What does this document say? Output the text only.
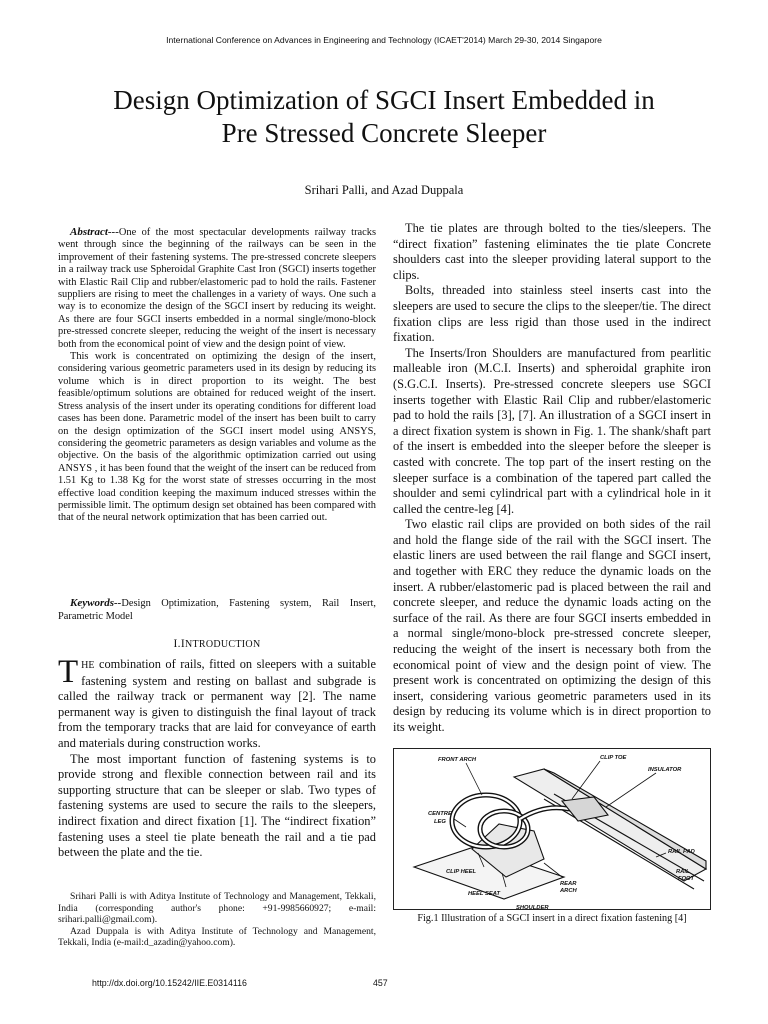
International Conference on Advances in Engineering and Technology (ICAET'2014) March 29-30, 2014 Singapore
Design Optimization of SGCI Insert Embedded in
Pre Stressed Concrete Sleeper
Srihari Palli, and Azad Duppala

Abstract---One of the most spectacular developments railway tracks went through since the beginning of the railways can be seen in the improvement of their fastening systems. The pre-stressed concrete sleepers in a railway track use Spheroidal Graphite Cast Iron (SGCI) inserts together with Elastic Rail Clip and rubber/elastomeric pad to hold the rails. Fastener suppliers are rising to meet the challenges in a variety of ways. One such a way is to economize the design of the SGCI insert by reducing its weight. As there are four SGCI inserts embedded in a normal single/mono-block pre-stressed concrete sleeper, reducing the weight of the insert is necessary both from the economical point of view and the design point of view.

This work is concentrated on optimizing the design of the insert, considering various geometric parameters used in its design by reducing its volume which is in direct proportion to its weight. The best feasible/optimum solutions are obtained for reduced weight of the insert. Stress analysis of the insert under its operating conditions for different load cases has been done. Parametric model of the insert has been built to carry on the design optimization of the SGCI insert model using ANSYS, considering the geometric parameters as design variables and volume as the objective. On the basis of the algorithmic optimization carried out using ANSYS , it has been found that the weight of the insert can be reduced from 1.51 Kg to 1.38 Kg for the worst state of stresses occurring in the most effective load condition keeping the maximum induced stresses within the permissible limit. The optimum design set obtained has been compared with that of the neural network optimization that has been carried out.

Keywords--Design Optimization, Fastening system, Rail Insert, Parametric Model
I.INTRODUCTION

THE combination of rails, fitted on sleepers with a suitable fastening system and resting on ballast and subgrade is called the railway track or permanent way [2]. The name permanent way is given to distinguish the final layout of track from the temporary tracks that are laid for conveyance of earth and materials during construction works.

The most important function of fastening systems is to provide strong and flexible connection between rail and its supporting structure that can be sleeper or slab. Two types of fastening systems are used to secure the rails to the sleepers, indirect fixation and direct fixation [1]. The “indirect fixation” fastening uses a steel tie plate beneath the rail and a tie pad between the plate and the tie.

Srihari Palli is with Aditya Institute of Technology and Management, Tekkali, India (corresponding author's phone: +91-9985660927; e-mail: srihari.palli@gmail.com).

Azad Duppala is with Aditya Institute of Technology and Management, Tekkali, India (e-mail:d_azadin@yahoo.com).

The tie plates are through bolted to the ties/sleepers. The “direct fixation” fastening eliminates the tie plate Concrete shoulders cast into the sleeper providing lateral support to the clips.

Bolts, threaded into stainless steel inserts cast into the sleepers are used to secure the clips to the sleeper/tie. The direct fixation clips are less rigid than those used in the indirect fixation.

The Inserts/Iron Shoulders are manufactured from pearlitic malleable iron (M.C.I. Inserts) and spheroidal graphite iron (S.G.C.I. Inserts). Pre-stressed concrete sleepers use SGCI inserts together with Elastic Rail Clip and rubber/elastomeric pad to hold the rails [3], [7]. An illustration of a SGCI insert in a direct fixation system is shown in Fig. 1. The shank/shaft part of the insert is embedded into the sleeper before the sleeper is casted with concrete. The top part of the insert resting on the sleeper surface is a combination of the tapered part called the shoulder and semi cylindrical part with a cylindrical hole in it called the centre-leg [4].

Two elastic rail clips are provided on both sides of the rail and hold the flange side of the rail with the SGCI insert. The elastic liners are used between the rail flange and SGCI insert, and together with ERC they reduce the dynamic loads on the insert. A rubber/elastomeric pad is placed between the rail and concrete sleeper, and reduce the dynamic loads acting on the surface of the rail. As there are four SGCI inserts embedded in a normal single/mono-block pre-stressed concrete sleeper, reducing the weight of the insert is necessary both from the economical point of view and the design point of view. The present work is concentrated on optimizing the design of this insert, considering various geometric parameters used in its design by reducing its volume which is in direct proportion to its weight.

FRONT ARCH	CLIP TOE
INSULATOR
CENTRE
LEG
RAIL PAD
RAIL
FOOT
CLIP HEEL
HEEL SEAT
REAR
ARCH
SHOULDER
Fig.1 Illustration of a SGCI insert in a direct fixation fastening [4]
http://dx.doi.org/10.15242/IIE.E0314116	457
